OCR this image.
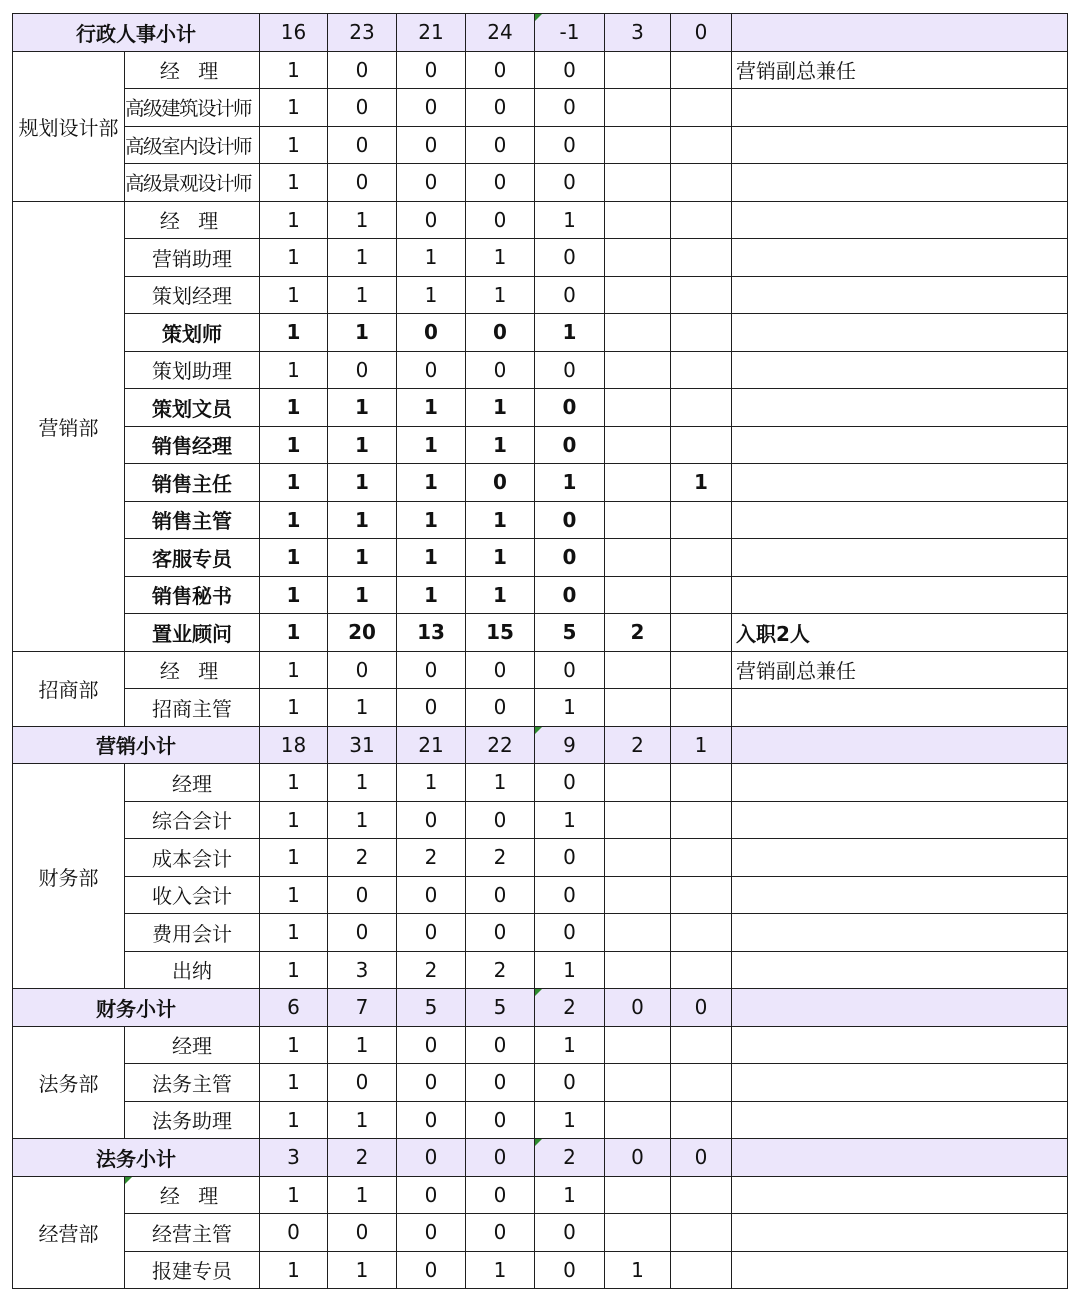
行政人事小计		16	23	21	24	-1	3	0	
规划设计部	经 理	1	0	0	0	0			营销副总兼任
	高级建筑设计师	1	0	0	0	0			
	高级室内设计师	1	0	0	0	0			
	高级景观设计师	1	0	0	0	0			
营销部	经 理	1	1	0	0	1			
	营销助理	1	1	1	1	0			
	策划经理	1	1	1	1	0			
	策划师	1	1	0	0	1			
	策划助理	1	0	0	0	0			
	策划文员	1	1	1	1	0			
	销售经理	1	1	1	1	0			
	销售主任	1	1	1	0	1		1	
	销售主管	1	1	1	1	0			
	客服专员	1	1	1	1	0			
	销售秘书	1	1	1	1	0			
	置业顾问	1	20	13	15	5	2		入职2人
招商部	经 理	1	0	0	0	0			营销副总兼任
	招商主管	1	1	0	0	1			
营销小计		18	31	21	22	9	2	1	
财务部	经理	1	1	1	1	0			
	综合会计	1	1	0	0	1			
	成本会计	1	2	2	2	0			
	收入会计	1	0	0	0	0			
	费用会计	1	0	0	0	0			
	出纳	1	3	2	2	1			
财务小计		6	7	5	5	2	0	0	
法务部	经理	1	1	0	0	1			
	法务主管	1	0	0	0	0			
	法务助理	1	1	0	0	1			
法务小计		3	2	0	0	2	0	0	
经营部	经 理	1	1	0	0	1			
	经营主管	0	0	0	0	0			
	报建专员	1	1	0	1	0	1		
